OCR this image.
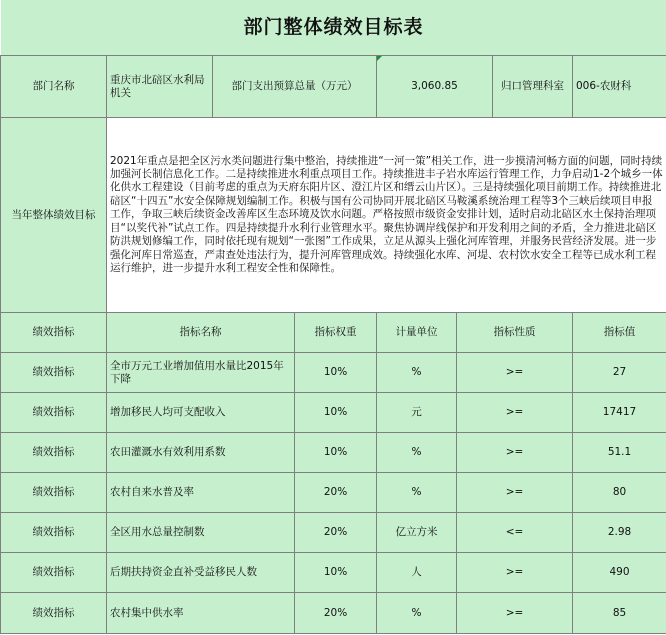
部门整体绩效目标表							
部门名称	重庆市北碚区水利局机关	部门支出预算总量（万元）		3,060.85		归口管理科室	006-农财科
当年整体绩效目标	2021年重点是把全区污水类问题进行集中整治，持续推进“一河一策”相关工作，进一步摸清河畅方面的问题，同时持续加强河长制信息化工作。二是持续推进水利重点项目工作。持续推进丰子岩水库运行管理工作，力争启动1-2个城乡一体化供水工程建设（目前考虑的重点为天府东阳片区、澄江片区和缙云山片区）。三是持续强化项目前期工作。持续推进北碚区“十四五”水安全保障规划编制工作。积极与国有公司协同开展北碚区马鞍溪系统治理工程等3个三峡后续项目申报工作，争取三峡后续资金改善库区生态环境及饮水问题。严格按照市级资金安排计划，适时启动北碚区水土保持治理项目“以奖代补”试点工作。四是持续提升水利行业管理水平。聚焦协调岸线保护和开发利用之间的矛盾，全力推进北碚区防洪规划修编工作，同时依托现有规划“一张图”工作成果，立足从源头上强化河库管理，并服务民营经济发展。进一步强化河库日常巡查，严肃查处违法行为，提升河库管理成效。持续强化水库、河堤、农村饮水安全工程等已成水利工程运行维护，进一步提升水利工程安全性和保障性。						
绩效指标	指标名称		指标权重	计量单位	指标性质		指标值
绩效指标	全市万元工业增加值用水量比2015年下降		10%	%	>=		27
绩效指标	增加移民人均可支配收入		10%	元	>=		17417
绩效指标	农田灌溉水有效利用系数		10%	%	>=		51.1
绩效指标	农村自来水普及率		20%	%	>=		80
绩效指标	全区用水总量控制数		20%	亿立方米	<=		2.98
绩效指标	后期扶持资金直补受益移民人数		10%	人	>=		490
绩效指标	农村集中供水率		20%	%	>=		85
